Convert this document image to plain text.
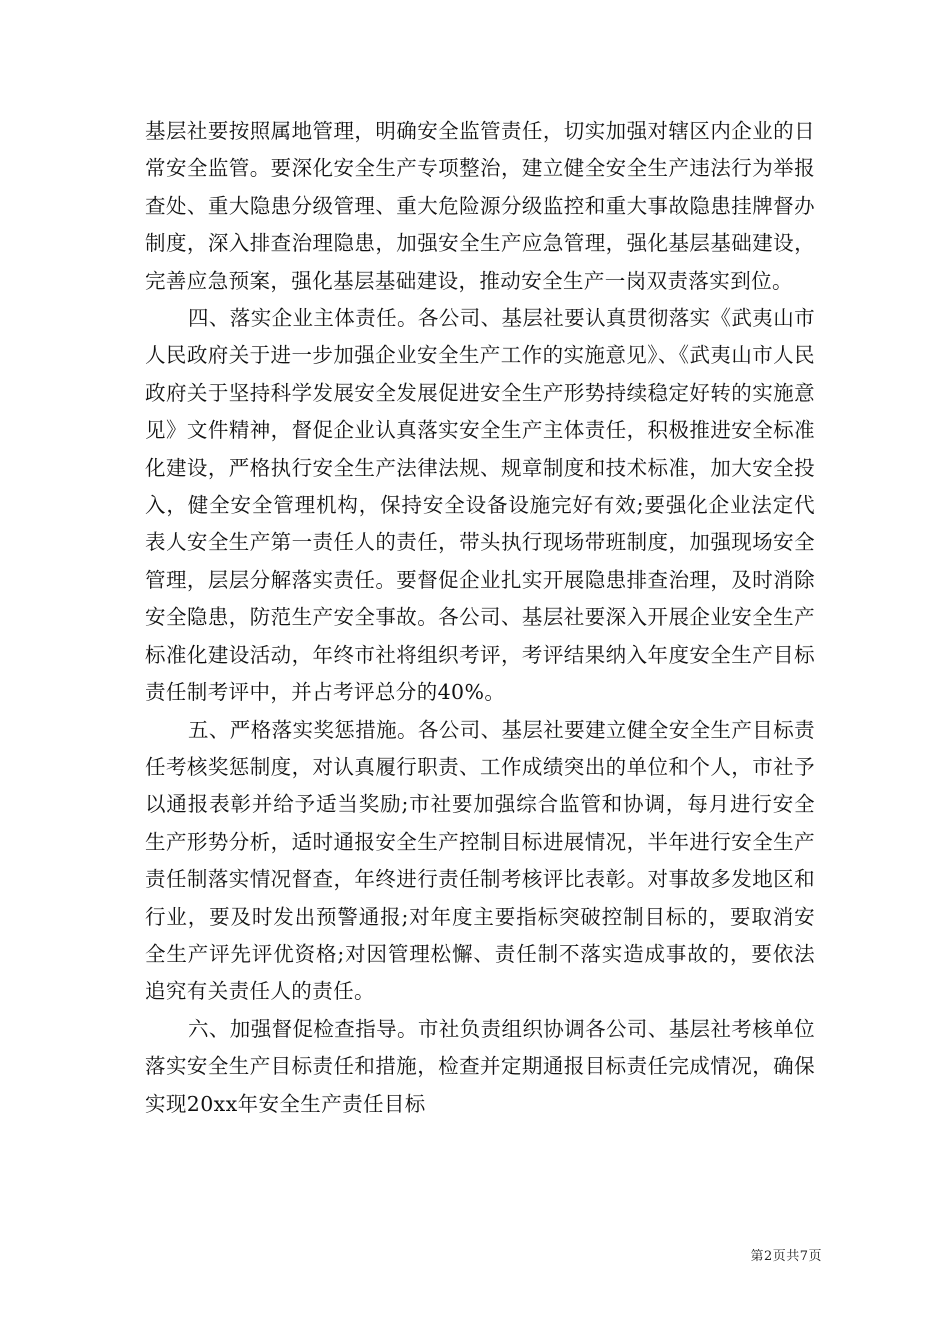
基层社要按照属地管理，明确安全监管责任，切实加强对辖区内企业的日常安全监管。要深化安全生产专项整治，建立健全安全生产违法行为举报查处、重大隐患分级管理、重大危险源分级监控和重大事故隐患挂牌督办制度，深入排查治理隐患，加强安全生产应急管理，强化基层基础建设，完善应急预案，强化基层基础建设，推动安全生产一岗双责落实到位。

四、落实企业主体责任。各公司、基层社要认真贯彻落实《武夷山市人民政府关于进一步加强企业安全生产工作的实施意见》、《武夷山市人民政府关于坚持科学发展安全发展促进安全生产形势持续稳定好转的实施意见》文件精神，督促企业认真落实安全生产主体责任，积极推进安全标准化建设，严格执行安全生产法律法规、规章制度和技术标准，加大安全投入，健全安全管理机构，保持安全设备设施完好有效;要强化企业法定代表人安全生产第一责任人的责任，带头执行现场带班制度，加强现场安全管理，层层分解落实责任。要督促企业扎实开展隐患排查治理，及时消除安全隐患，防范生产安全事故。各公司、基层社要深入开展企业安全生产标准化建设活动，年终市社将组织考评，考评结果纳入年度安全生产目标责任制考评中，并占考评总分的40%。

五、严格落实奖惩措施。各公司、基层社要建立健全安全生产目标责任考核奖惩制度，对认真履行职责、工作成绩突出的单位和个人，市社予以通报表彰并给予适当奖励;市社要加强综合监管和协调，每月进行安全生产形势分析，适时通报安全生产控制目标进展情况，半年进行安全生产责任制落实情况督查，年终进行责任制考核评比表彰。对事故多发地区和行业，要及时发出预警通报;对年度主要指标突破控制目标的，要取消安全生产评先评优资格;对因管理松懈、责任制不落实造成事故的，要依法追究有关责任人的责任。

六、加强督促检查指导。市社负责组织协调各公司、基层社考核单位落实安全生产目标责任和措施，检查并定期通报目标责任完成情况，确保实现20xx年安全生产责任目标

第2页共7页
